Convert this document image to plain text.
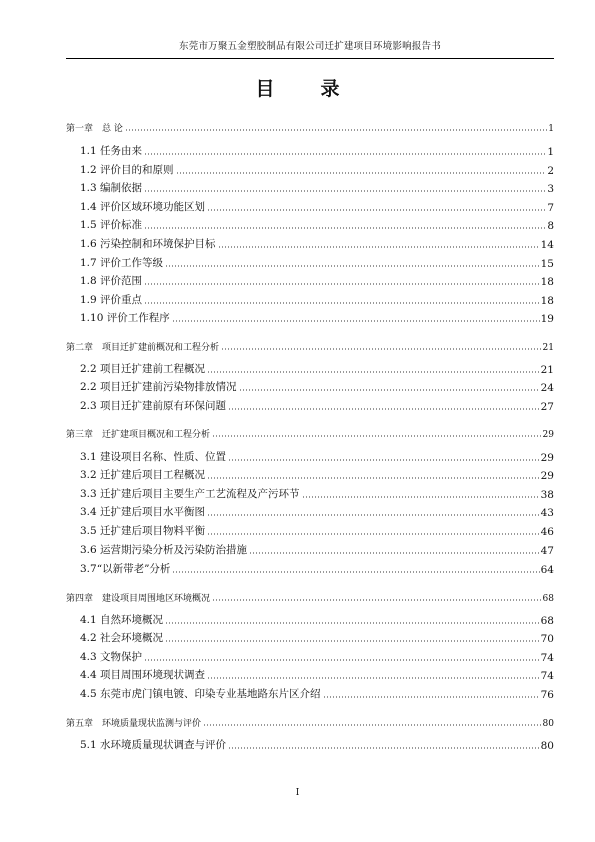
东莞市万聚五金塑胶制品有限公司迁扩建项目环境影响报告书
目录
第一章　总 论	1
1.1 任务由来	1
1.2 评价目的和原则	2
1.3 编制依据	3
1.4 评价区域环境功能区划	7
1.5 评价标准	8
1.6 污染控制和环境保护目标	14
1.7 评价工作等级	15
1.8 评价范围	18
1.9 评价重点	18
1.10 评价工作程序	19
第二章　项目迁扩建前概况和工程分析	21
2.2 项目迁扩建前工程概况	21
2.2 项目迁扩建前污染物排放情况	24
2.3 项目迁扩建前原有环保问题	27
第三章　迁扩建项目概况和工程分析	29
3.1 建设项目名称、性质、位置	29
3.2 迁扩建后项目工程概况	29
3.3 迁扩建后项目主要生产工艺流程及产污环节	38
3.4 迁扩建后项目水平衡图	43
3.5 迁扩建后项目物料平衡	46
3.6 运营期污染分析及污染防治措施	47
3.7“以新带老”分析	64
第四章　建设项目周围地区环境概况	68
4.1 自然环境概况	68
4.2 社会环境概况	70
4.3 文物保护	74
4.4 项目周围环境现状调查	74
4.5 东莞市虎门镇电镀、印染专业基地路东片区介绍	76
第五章　环境质量现状监测与评价	80
5.1 水环境质量现状调查与评价	80
I
